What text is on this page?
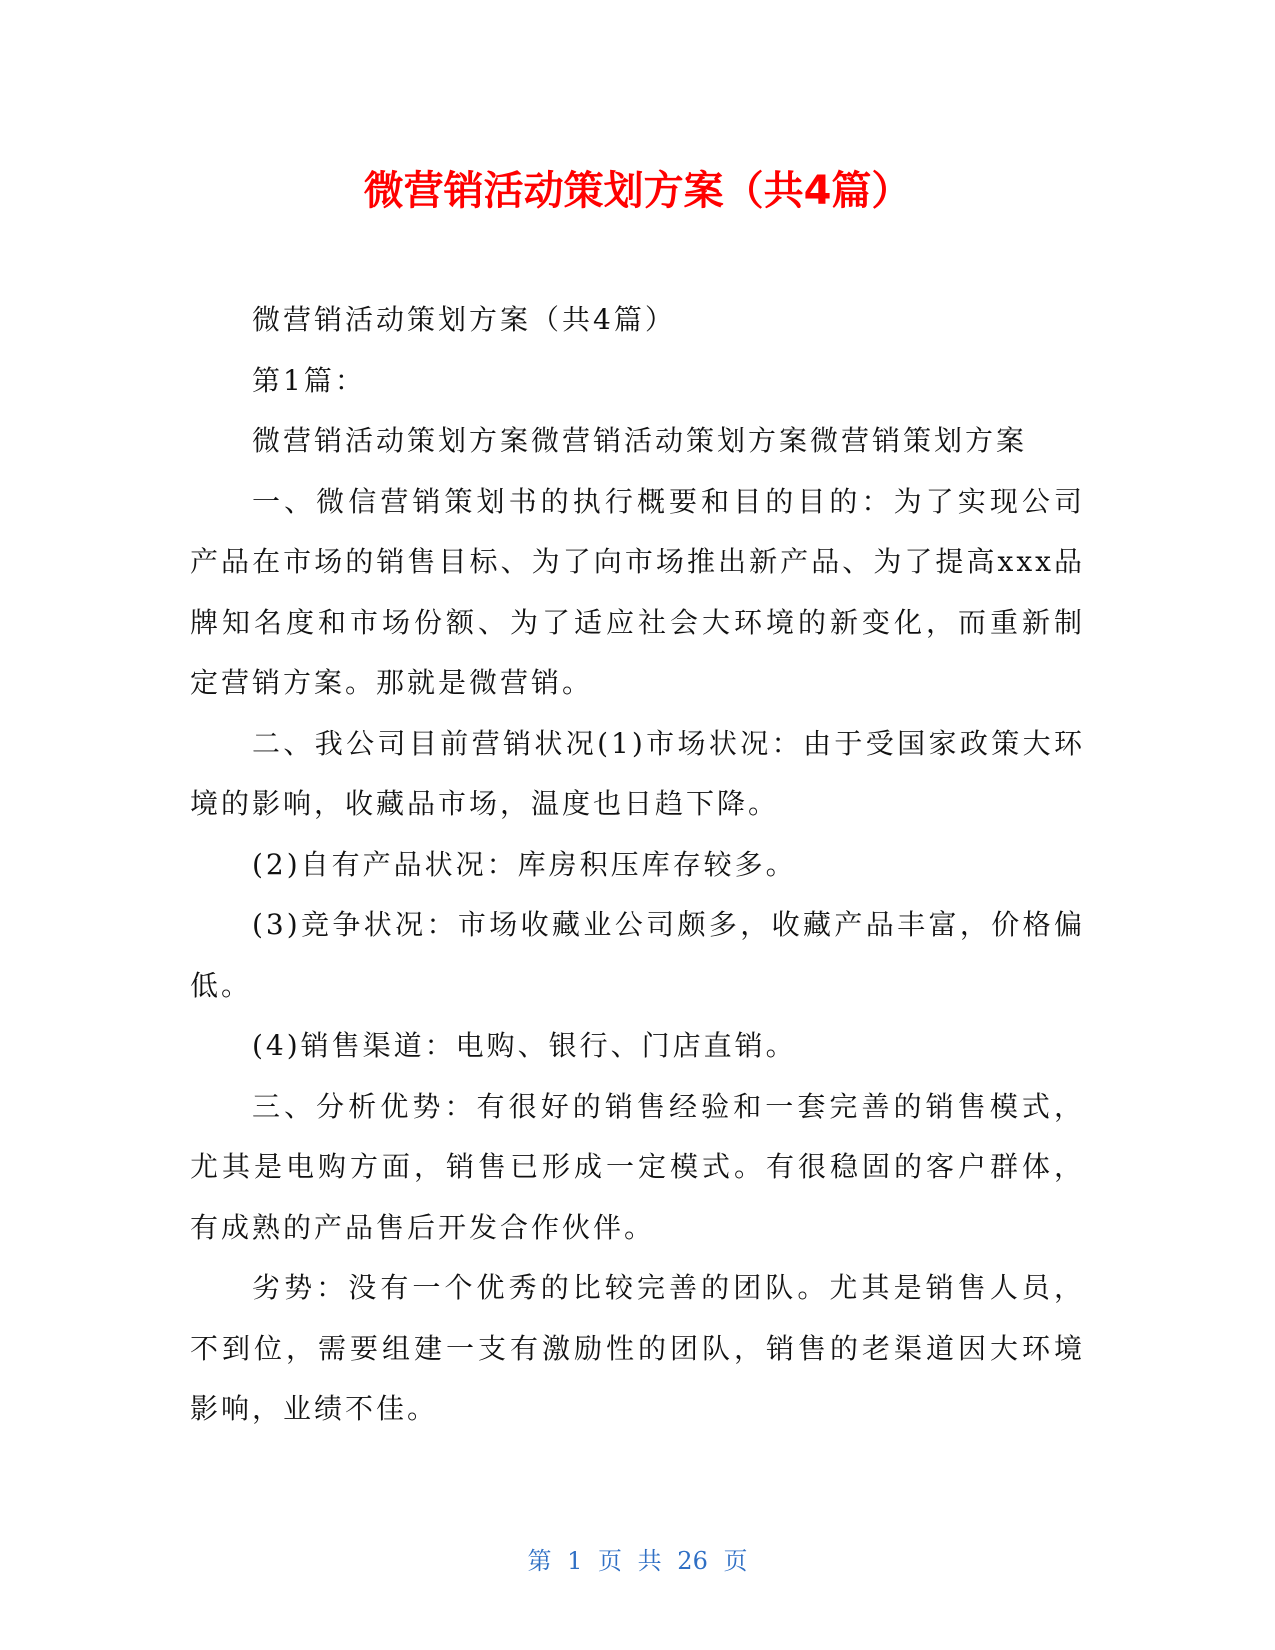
微营销活动策划方案（共4篇）

微营销活动策划方案（共4篇）

第1篇：

微营销活动策划方案微营销活动策划方案微营销策划方案

一、微信营销策划书的执行概要和目的目的：为了实现公司产品在市场的销售目标、为了向市场推出新产品、为了提高xxx品牌知名度和市场份额、为了适应社会大环境的新变化，而重新制定营销方案。那就是微营销。

二、我公司目前营销状况(1)市场状况：由于受国家政策大环境的影响，收藏品市场，温度也日趋下降。

(2)自有产品状况：库房积压库存较多。

(3)竞争状况：市场收藏业公司颇多，收藏产品丰富，价格偏低。

(4)销售渠道：电购、银行、门店直销。

三、分析优势：有很好的销售经验和一套完善的销售模式，尤其是电购方面，销售已形成一定模式。有很稳固的客户群体，有成熟的产品售后开发合作伙伴。

劣势：没有一个优秀的比较完善的团队。尤其是销售人员，不到位，需要组建一支有激励性的团队，销售的老渠道因大环境影响，业绩不佳。

第 1 页 共 26 页
